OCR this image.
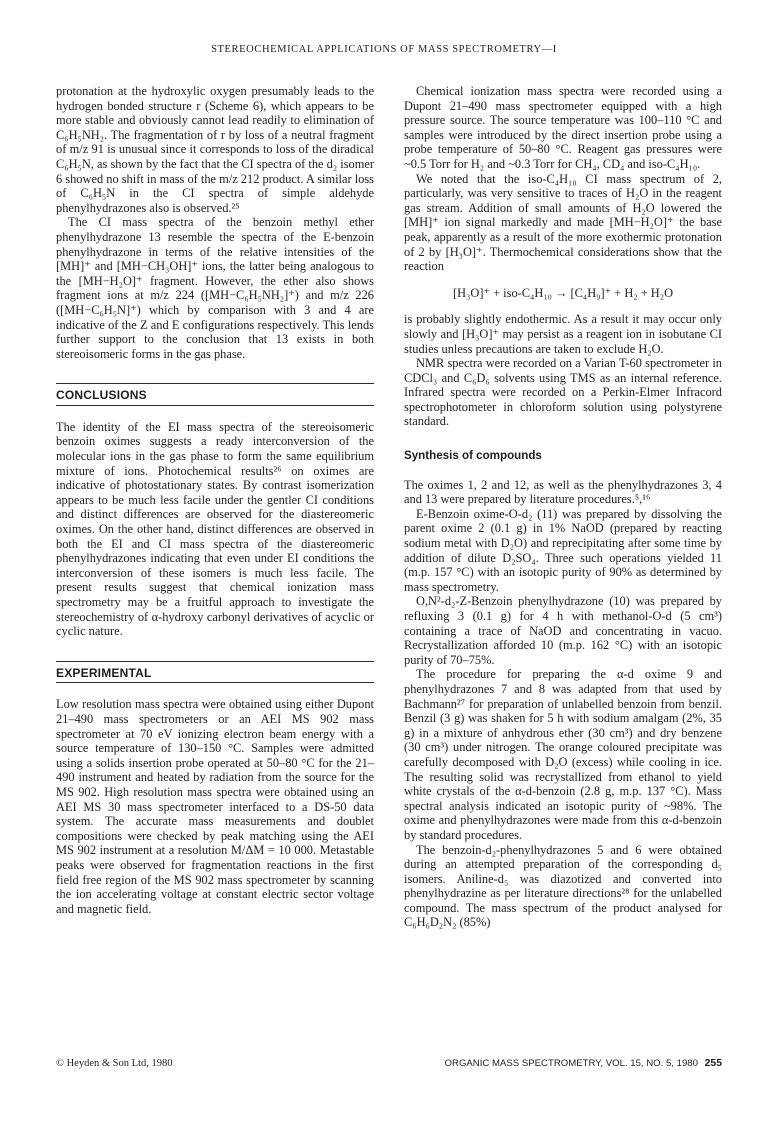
STEREOCHEMICAL APPLICATIONS OF MASS SPECTROMETRY—I

protonation at the hydroxylic oxygen presumably leads to the hydrogen bonded structure r (Scheme 6), which appears to be more stable and obviously cannot lead readily to elimination of C₆H₅NH₂. The fragmentation of r by loss of a neutral fragment of m/z 91 is unusual since it corresponds to loss of the diradical C₆H₅N, as shown by the fact that the CI spectra of the d₂ isomer 6 showed no shift in mass of the m/z 212 product. A similar loss of C₆H₅N in the CI spectra of simple aldehyde phenylhydrazones also is observed.²⁵

The CI mass spectra of the benzoin methyl ether phenylhydrazone 13 resemble the spectra of the E-benzoin phenylhydrazone in terms of the relative intensities of the [MH]⁺ and [MH−CH₃OH]⁺ ions, the latter being analogous to the [MH−H₂O]⁺ fragment. However, the ether also shows fragment ions at m/z 224 ([MH−C₆H₅NH₂]⁺) and m/z 226 ([MH−C₆H₅N]⁺) which by comparison with 3 and 4 are indicative of the Z and E configurations respectively. This lends further support to the conclusion that 13 exists in both stereoisomeric forms in the gas phase.

CONCLUSIONS

The identity of the EI mass spectra of the stereoisomeric benzoin oximes suggests a ready interconversion of the molecular ions in the gas phase to form the same equilibrium mixture of ions. Photochemical results²⁶ on oximes are indicative of photostationary states. By contrast isomerization appears to be much less facile under the gentler CI conditions and distinct differences are observed for the diastereomeric oximes. On the other hand, distinct differences are observed in both the EI and CI mass spectra of the diastereomeric phenylhydrazones indicating that even under EI conditions the interconversion of these isomers is much less facile. The present results suggest that chemical ionization mass spectrometry may be a fruitful approach to investigate the stereochemistry of α-hydroxy carbonyl derivatives of acyclic or cyclic nature.

EXPERIMENTAL

Low resolution mass spectra were obtained using either Dupont 21–490 mass spectrometers or an AEI MS 902 mass spectrometer at 70 eV ionizing electron beam energy with a source temperature of 130–150 °C. Samples were admitted using a solids insertion probe operated at 50–80 °C for the 21–490 instrument and heated by radiation from the source for the MS 902. High resolution mass spectra were obtained using an AEI MS 30 mass spectrometer interfaced to a DS-50 data system. The accurate mass measurements and doublet compositions were checked by peak matching using the AEI MS 902 instrument at a resolution M/ΔM = 10 000. Metastable peaks were observed for fragmentation reactions in the first field free region of the MS 902 mass spectrometer by scanning the ion accelerating voltage at constant electric sector voltage and magnetic field.

Chemical ionization mass spectra were recorded using a Dupont 21–490 mass spectrometer equipped with a high pressure source. The source temperature was 100–110 °C and samples were introduced by the direct insertion probe using a probe temperature of 50–80 °C. Reagent gas pressures were ~0.5 Torr for H₂ and ~0.3 Torr for CH₄, CD₄ and iso-C₄H₁₀.

We noted that the iso-C₄H₁₀ CI mass spectrum of 2, particularly, was very sensitive to traces of H₂O in the reagent gas stream. Addition of small amounts of H₂O lowered the [MH]⁺ ion signal markedly and made [MH−H₂O]⁺ the base peak, apparently as a result of the more exothermic protonation of 2 by [H₃O]⁺. Thermochemical considerations show that the reaction

[H₃O]⁺ + iso-C₄H₁₀ → [C₄H₉]⁺ + H₂ + H₂O

is probably slightly endothermic. As a result it may occur only slowly and [H₃O]⁺ may persist as a reagent ion in isobutane CI studies unless precautions are taken to exclude H₂O.

NMR spectra were recorded on a Varian T-60 spectrometer in CDCl₃ and C₆D₆ solvents using TMS as an internal reference. Infrared spectra were recorded on a Perkin-Elmer Infracord spectrophotometer in chloroform solution using polystyrene standard.

Synthesis of compounds

The oximes 1, 2 and 12, as well as the phenylhydrazones 3, 4 and 13 were prepared by literature procedures.⁵,¹⁶

E-Benzoin oxime-O-d₂ (11) was prepared by dissolving the parent oxime 2 (0.1 g) in 1% NaOD (prepared by reacting sodium metal with D₂O) and reprecipitating after some time by addition of dilute D₂SO₄. Three such operations yielded 11 (m.p. 157 °C) with an isotopic purity of 90% as determined by mass spectrometry.

O,N²-d₂-Z-Benzoin phenylhydrazone (10) was prepared by refluxing 3 (0.1 g) for 4 h with methanol-O-d (5 cm³) containing a trace of NaOD and concentrating in vacuo. Recrystallization afforded 10 (m.p. 162 °C) with an isotopic purity of 70–75%.

The procedure for preparing the α-d oxime 9 and phenylhydrazones 7 and 8 was adapted from that used by Bachmann²⁷ for preparation of unlabelled benzoin from benzil. Benzil (3 g) was shaken for 5 h with sodium amalgam (2%, 35 g) in a mixture of anhydrous ether (30 cm³) and dry benzene (30 cm³) under nitrogen. The orange coloured precipitate was carefully decomposed with D₂O (excess) while cooling in ice. The resulting solid was recrystallized from ethanol to yield white crystals of the α-d-benzoin (2.8 g, m.p. 137 °C). Mass spectral analysis indicated an isotopic purity of ~98%. The oxime and phenylhydrazones were made from this α-d-benzoin by standard procedures.

The benzoin-d₂-phenylhydrazones 5 and 6 were obtained during an attempted preparation of the corresponding d₅ isomers. Aniline-d₅ was diazotized and converted into phenylhydrazine as per literature directions²⁸ for the unlabelled compound. The mass spectrum of the product analysed for C₆H₆D₂N₂ (85%)

© Heyden & Son Ltd, 1980	ORGANIC MASS SPECTROMETRY, VOL. 15, NO. 5, 1980 255
